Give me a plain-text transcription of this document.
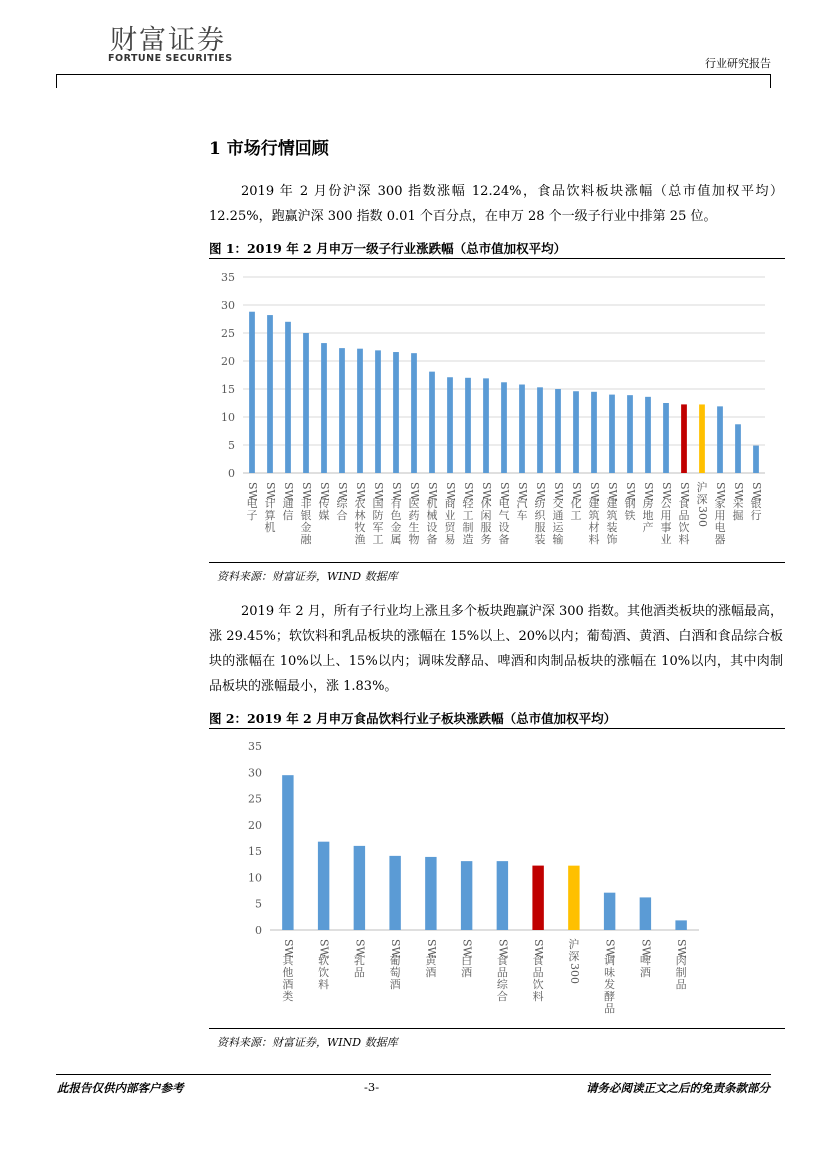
财富证券
FORTUNE SECURITIES	行业研究报告
1 市场行情回顾
2019 年 2 月份沪深 300 指数涨幅 12.24%，食品饮料板块涨幅（总市值加权平均）12.25%，跑赢沪深 300 指数 0.01 个百分点，在申万 28 个一级子行业中排第 25 位。
图 1：2019 年 2 月申万一级子行业涨跌幅（总市值加权平均）
0
5
10
15
20
25
30
35
SW
电
子
SW
计
算
机
SW
通
信
SW
非
银
金
融
SW
传
媒
SW
综
合
SW
农
林
牧
渔
SW
国
防
军
工
SW
有
色
金
属
SW
医
药
生
物
SW
机
械
设
备
SW
商
业
贸
易
SW
轻
工
制
造
SW
休
闲
服
务
SW
电
气
设
备
SW
汽
车
SW
纺
织
服
装
SW
交
通
运
输
SW
化
工
SW
建
筑
材
料
SW
建
筑
装
饰
SW
钢
铁
SW
房
地
产
SW
公
用
事
业
SW
食
品
饮
料
沪
深
300
SW
家
用
电
器
SW
采
掘
SW
银
行
资料来源：财富证券，WIND 数据库
2019 年 2 月，所有子行业均上涨且多个板块跑赢沪深 300 指数。其他酒类板块的涨幅最高，涨 29.45%；软饮料和乳品板块的涨幅在 15%以上、20%以内；葡萄酒、黄酒、白酒和食品综合板块的涨幅在 10%以上、15%以内；调味发酵品、啤酒和肉制品板块的涨幅在 10%以内，其中肉制品板块的涨幅最小，涨 1.83%。
图 2：2019 年 2 月申万食品饮料行业子板块涨跌幅（总市值加权平均）
0
5
10
15
20
25
30
35
SW
其
他
酒
类
SW
软
饮
料
SW
乳
品
SW
葡
萄
酒
SW
黄
酒
SW
白
酒
SW
食
品
综
合
SW
食
品
饮
料
沪
深
300
SW
调
味
发
酵
品
SW
啤
酒
SW
肉
制
品
资料来源：财富证券，WIND 数据库
此报告仅供内部客户参考	-3-	请务必阅读正文之后的免责条款部分
